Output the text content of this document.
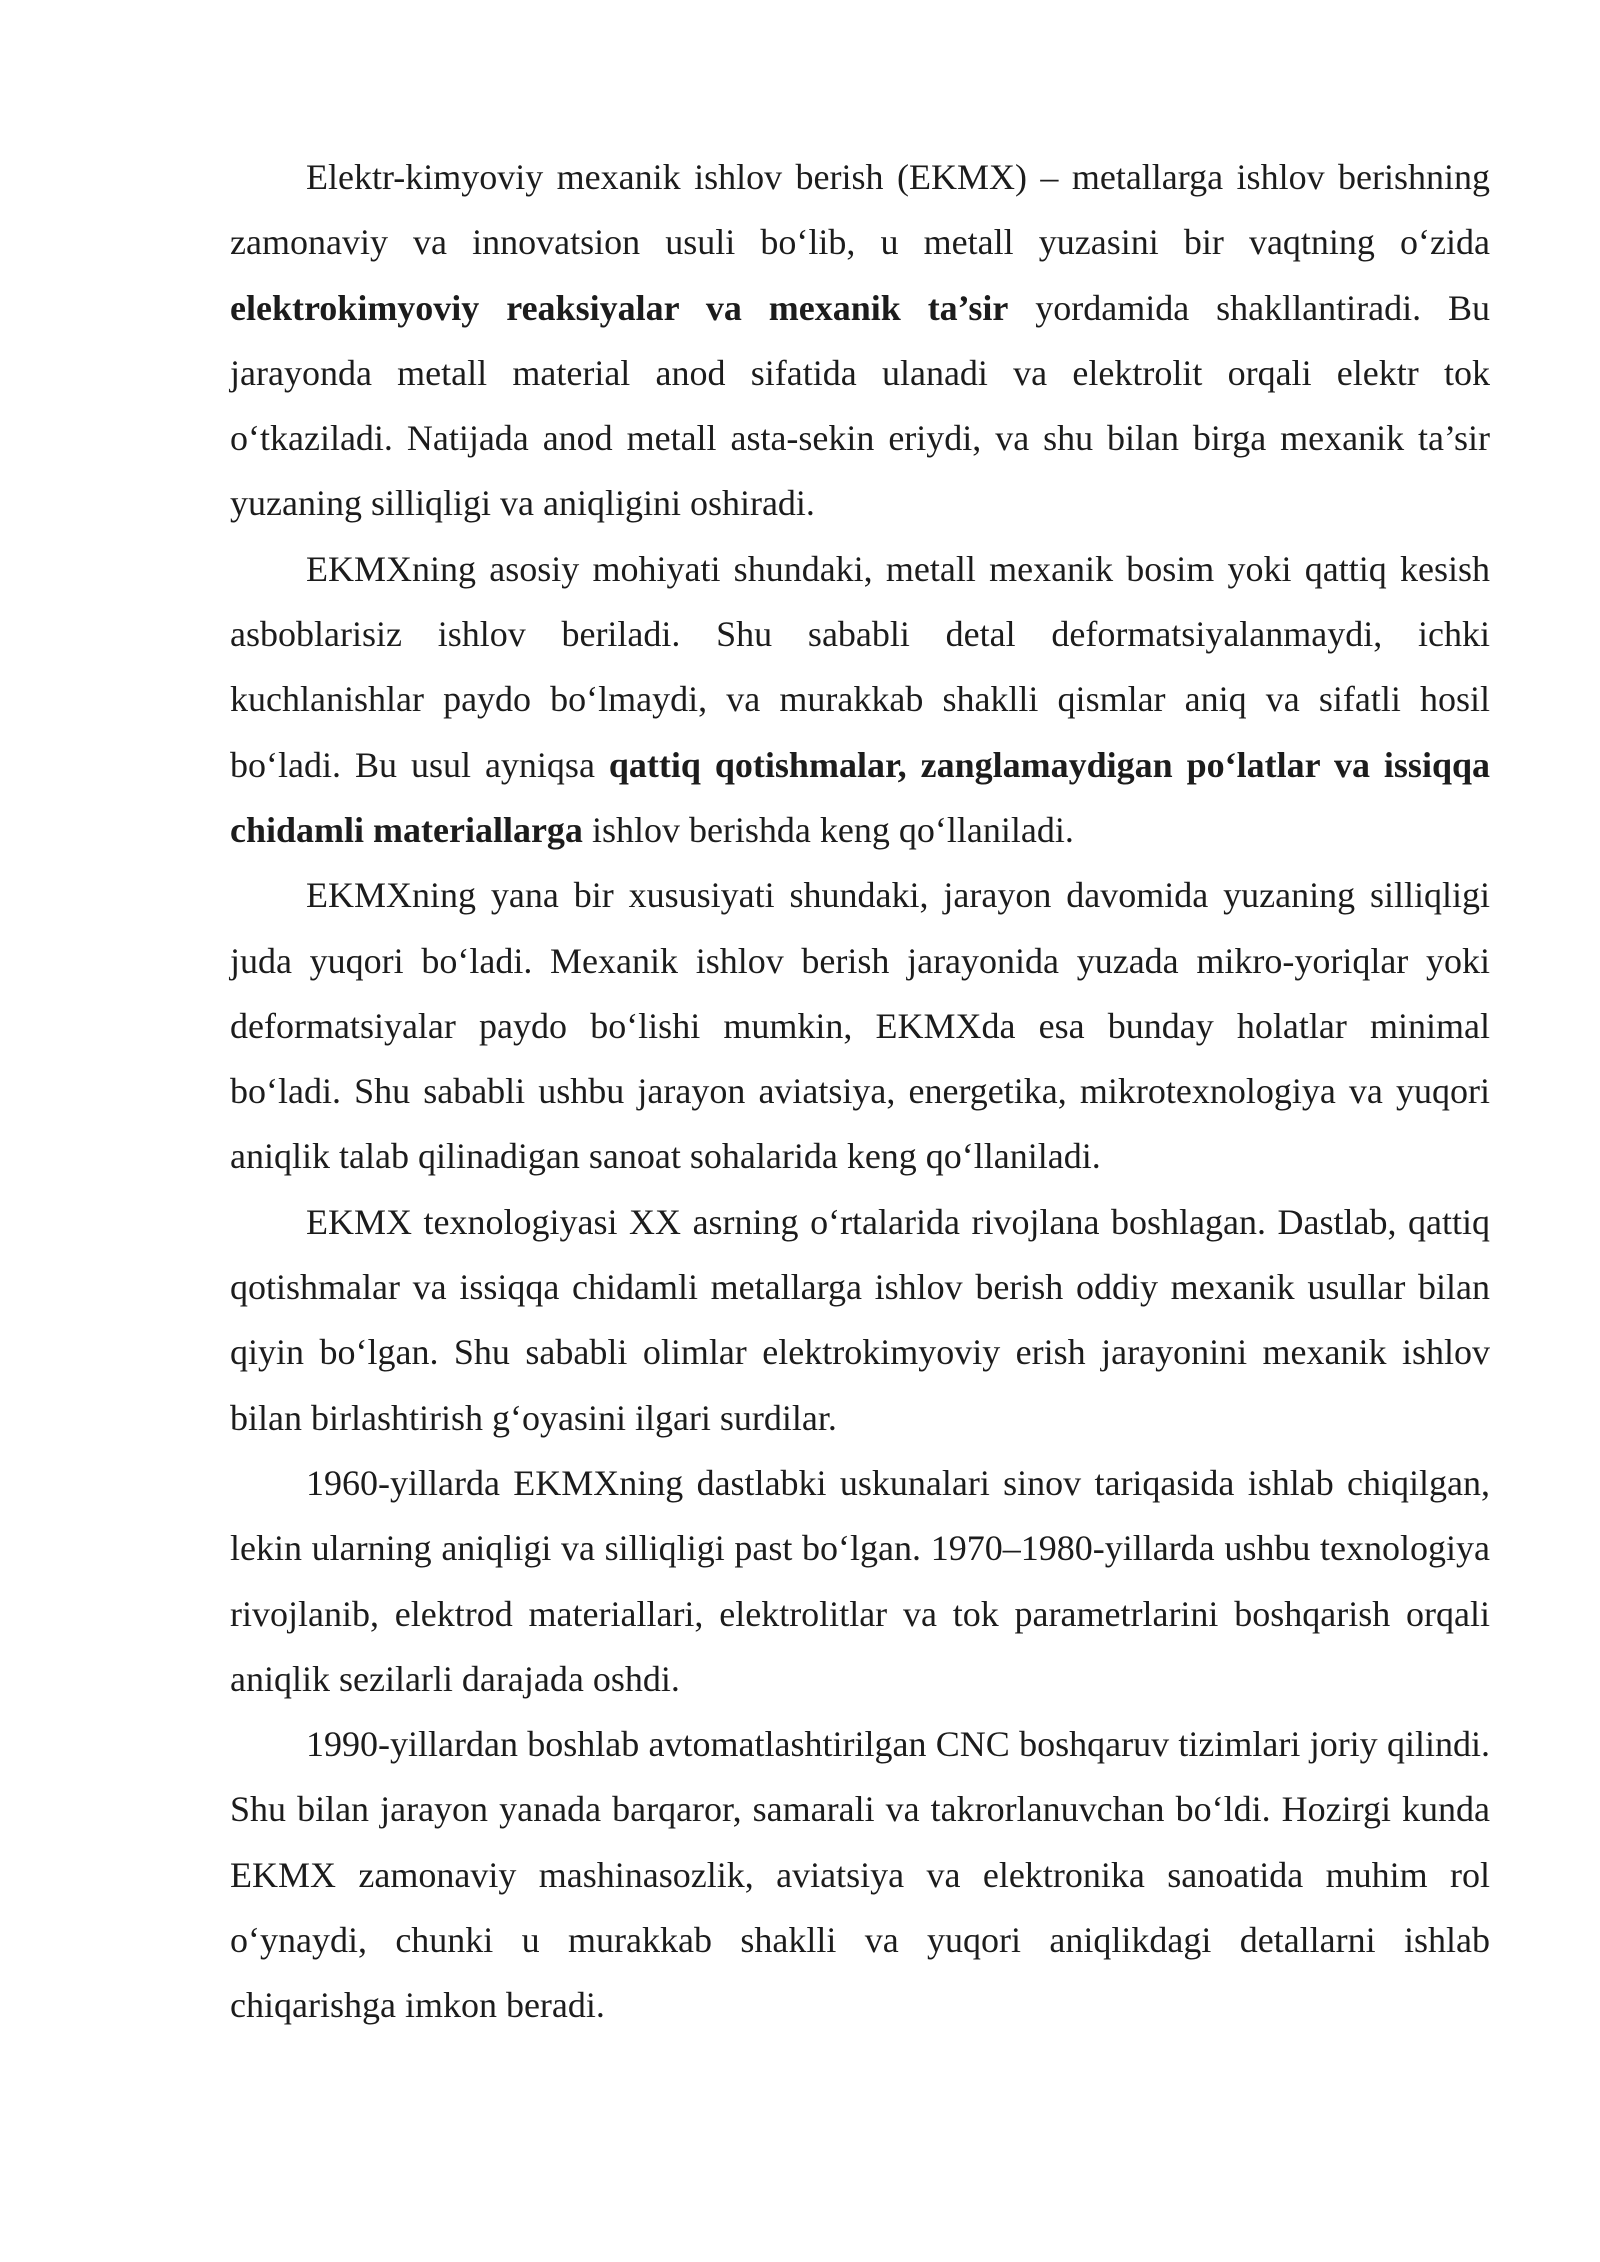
Elektr-kimyoviy mexanik ishlov berish (EKMX) – metallarga ishlov berishning zamonaviy va innovatsion usuli bo‘lib, u metall yuzasini bir vaqtning o‘zida elektrokimyoviy reaksiyalar va mexanik ta’sir yordamida shakllantiradi. Bu jarayonda metall material anod sifatida ulanadi va elektrolit orqali elektr tok o‘tkaziladi. Natijada anod metall asta-sekin eriydi, va shu bilan birga mexanik ta’sir yuzaning silliqligi va aniqligini oshiradi.

EKMXning asosiy mohiyati shundaki, metall mexanik bosim yoki qattiq kesish asboblarisiz ishlov beriladi. Shu sababli detal deformatsiyalanmaydi, ichki kuchlanishlar paydo bo‘lmaydi, va murakkab shaklli qismlar aniq va sifatli hosil bo‘ladi. Bu usul ayniqsa qattiq qotishmalar, zanglamaydigan po‘latlar va issiqqa chidamli materiallarga ishlov berishda keng qo‘llaniladi.

EKMXning yana bir xususiyati shundaki, jarayon davomida yuzaning silliqligi juda yuqori bo‘ladi. Mexanik ishlov berish jarayonida yuzada mikro-yoriqlar yoki deformatsiyalar paydo bo‘lishi mumkin, EKMXda esa bunday holatlar minimal bo‘ladi. Shu sababli ushbu jarayon aviatsiya, energetika, mikrotexnologiya va yuqori aniqlik talab qilinadigan sanoat sohalarida keng qo‘llaniladi.

EKMX texnologiyasi XX asrning o‘rtalarida rivojlana boshlagan. Dastlab, qattiq qotishmalar va issiqqa chidamli metallarga ishlov berish oddiy mexanik usullar bilan qiyin bo‘lgan. Shu sababli olimlar elektrokimyoviy erish jarayonini mexanik ishlov bilan birlashtirish g‘oyasini ilgari surdilar.

1960-yillarda EKMXning dastlabki uskunalari sinov tariqasida ishlab chiqilgan, lekin ularning aniqligi va silliqligi past bo‘lgan. 1970–1980-yillarda ushbu texnologiya rivojlanib, elektrod materiallari, elektrolitlar va tok parametrlarini boshqarish orqali aniqlik sezilarli darajada oshdi.

1990-yillardan boshlab avtomatlashtirilgan CNC boshqaruv tizimlari joriy qilindi. Shu bilan jarayon yanada barqaror, samarali va takrorlanuvchan bo‘ldi. Hozirgi kunda EKMX zamonaviy mashinasozlik, aviatsiya va elektronika sanoatida muhim rol o‘ynaydi, chunki u murakkab shaklli va yuqori aniqlikdagi detallarni ishlab chiqarishga imkon beradi.
